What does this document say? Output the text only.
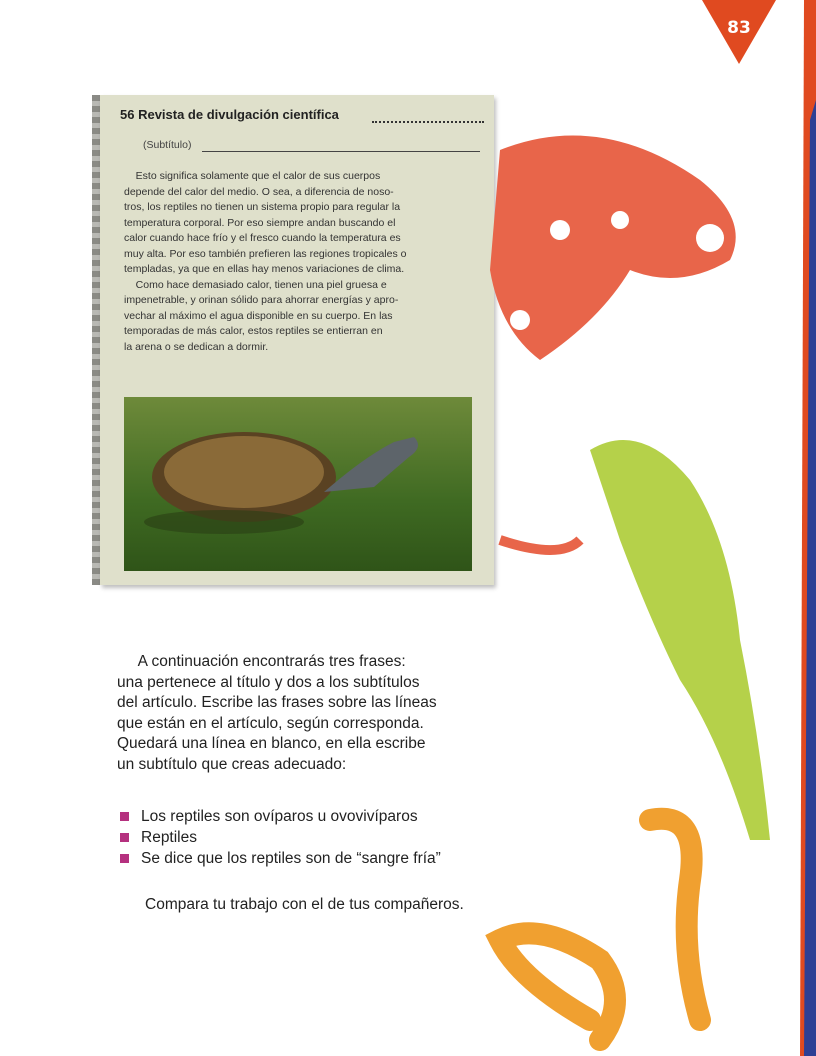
83
56 Revista de divulgación científica
(Subtítulo)
Esto significa solamente que el calor de sus cuerpos
depende del calor del medio. O sea, a diferencia de noso-
tros, los reptiles no tienen un sistema propio para regular la
temperatura corporal. Por eso siempre andan buscando el
calor cuando hace frío y el fresco cuando la temperatura es
muy alta. Por eso también prefieren las regiones tropicales o
templadas, ya que en ellas hay menos variaciones de clima.
Como hace demasiado calor, tienen una piel gruesa e
impenetrable, y orinan sólido para ahorrar energías y apro-
vechar al máximo el agua disponible en su cuerpo. En las
temporadas de más calor, estos reptiles se entierran en
la arena o se dedican a dormir.
A continuación encontrarás tres frases:
una pertenece al título y dos a los subtítulos
del artículo. Escribe las frases sobre las líneas
que están en el artículo, según corresponda.
Quedará una línea en blanco, en ella escribe
un subtítulo que creas adecuado:
Los reptiles son ovíparos u ovovivíparos
Reptiles
Se dice que los reptiles son de “sangre fría”
Compara tu trabajo con el de tus compañeros.
